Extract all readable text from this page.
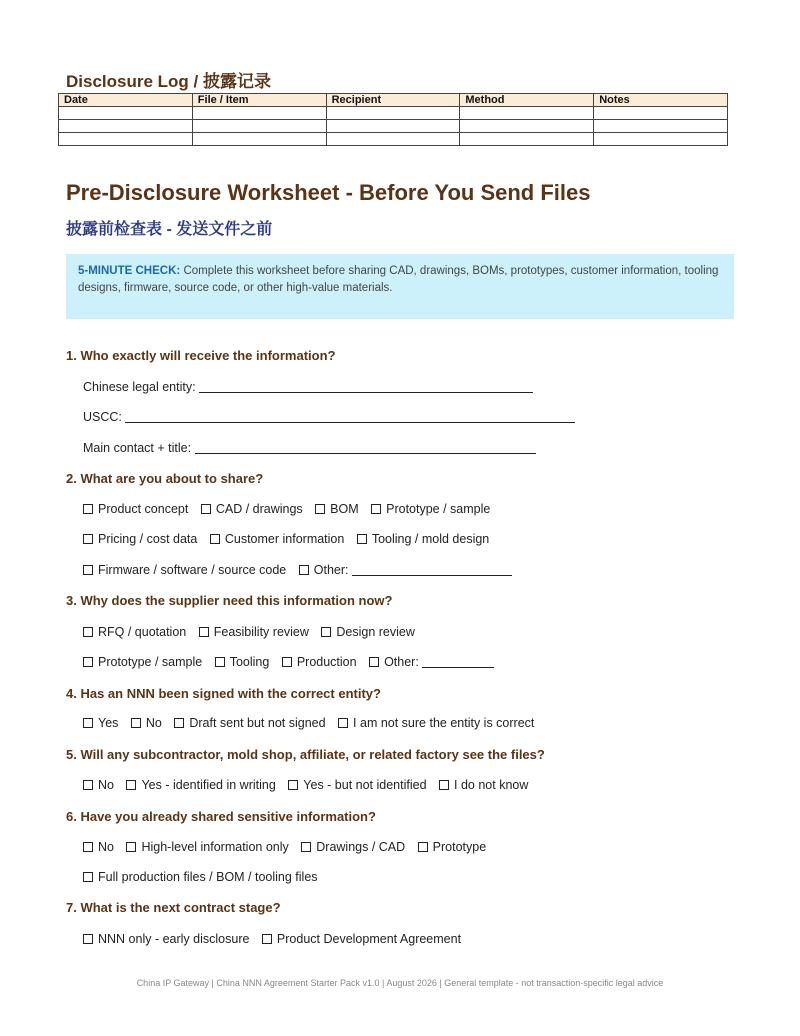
Disclosure Log / 披露记录
Date	File / Item	Recipient	Method	Notes

Pre-Disclosure Worksheet - Before You Send Files
披露前检查表 - 发送文件之前
5-MINUTE CHECK: Complete this worksheet before sharing CAD, drawings, BOMs, prototypes, customer information, tooling designs, firmware, source code, or other high-value materials.
1. Who exactly will receive the information?
Chinese legal entity:
USCC:
Main contact + title:
2. What are you about to share?
Product concept CAD / drawings BOM Prototype / sample
Pricing / cost data Customer information Tooling / mold design
Firmware / software / source code Other:
3. Why does the supplier need this information now?
RFQ / quotation Feasibility review Design review
Prototype / sample Tooling Production Other:
4. Has an NNN been signed with the correct entity?
Yes No Draft sent but not signed I am not sure the entity is correct
5. Will any subcontractor, mold shop, affiliate, or related factory see the files?
No Yes - identified in writing Yes - but not identified I do not know
6. Have you already shared sensitive information?
No High-level information only Drawings / CAD Prototype
Full production files / BOM / tooling files
7. What is the next contract stage?
NNN only - early disclosure Product Development Agreement
China IP Gateway | China NNN Agreement Starter Pack v1.0 | August 2026 | General template - not transaction-specific legal advice
